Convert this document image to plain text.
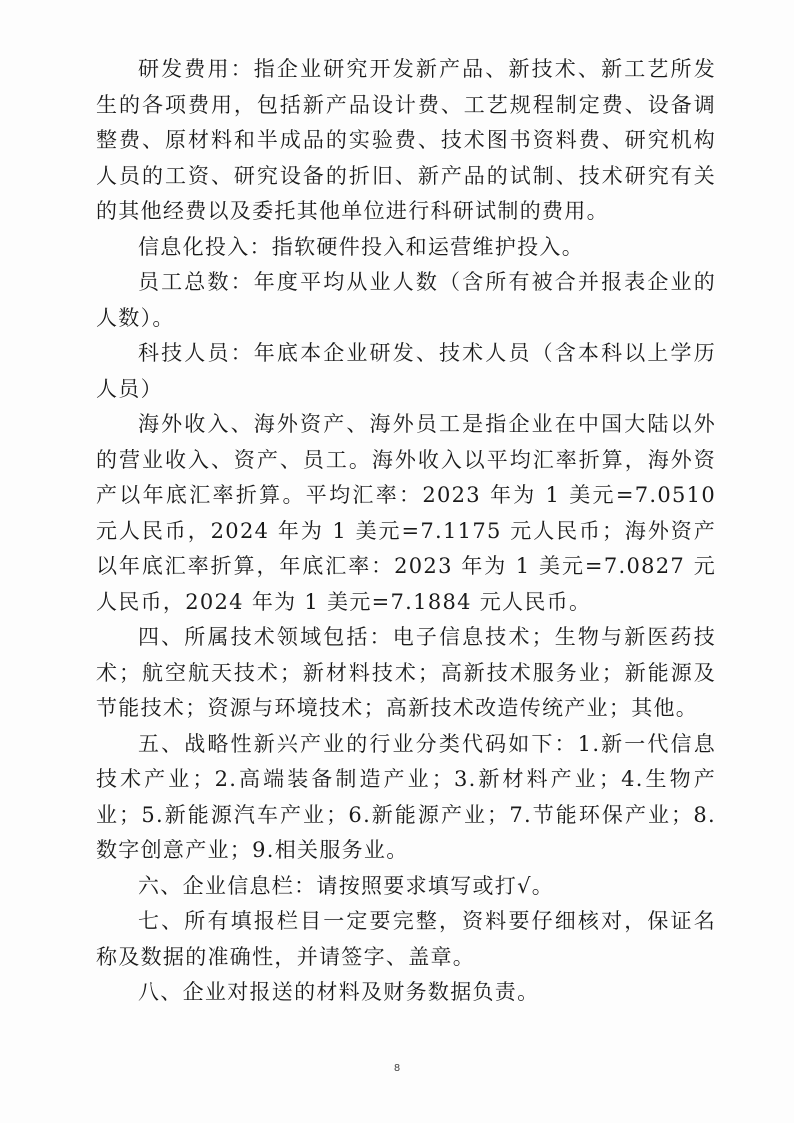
研发费用：指企业研究开发新产品、新技术、新工艺所发生的各项费用，包括新产品设计费、工艺规程制定费、设备调整费、原材料和半成品的实验费、技术图书资料费、研究机构人员的工资、研究设备的折旧、新产品的试制、技术研究有关的其他经费以及委托其他单位进行科研试制的费用。

信息化投入：指软硬件投入和运营维护投入。

员工总数：年度平均从业人数（含所有被合并报表企业的人数）。

科技人员：年底本企业研发、技术人员（含本科以上学历人员）

海外收入、海外资产、海外员工是指企业在中国大陆以外的营业收入、资产、员工。海外收入以平均汇率折算，海外资产以年底汇率折算。平均汇率：2023 年为 1 美元=7.0510 元人民币，2024 年为 1 美元=7.1175 元人民币；海外资产以年底汇率折算，年底汇率：2023 年为 1 美元=7.0827 元人民币，2024 年为 1 美元=7.1884 元人民币。

四、所属技术领域包括：电子信息技术；生物与新医药技术；航空航天技术；新材料技术；高新技术服务业；新能源及节能技术；资源与环境技术；高新技术改造传统产业；其他。

五、战略性新兴产业的行业分类代码如下：1.新一代信息技术产业；2.高端装备制造产业；3.新材料产业；4.生物产业；5.新能源汽车产业；6.新能源产业；7.节能环保产业；8.数字创意产业；9.相关服务业。

六、企业信息栏：请按照要求填写或打√。

七、所有填报栏目一定要完整，资料要仔细核对，保证名称及数据的准确性，并请签字、盖章。

八、企业对报送的材料及财务数据负责。

8
